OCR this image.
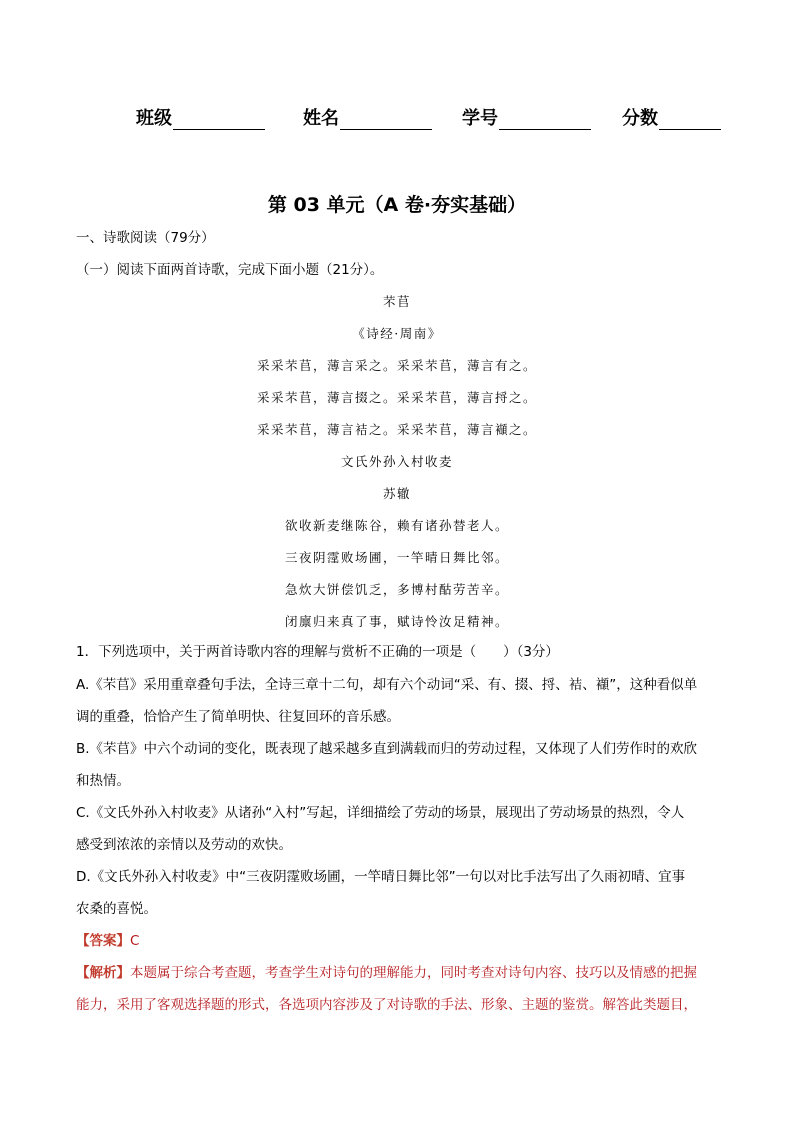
班级	姓名	学号	分数
第 03 单元（A 卷·夯实基础）
一、诗歌阅读（79分）
（一）阅读下面两首诗歌，完成下面小题（21分）。
芣苢
《诗经·周南》
采采芣苢，薄言采之。采采芣苢，薄言有之。
采采芣苢，薄言掇之。采采芣苢，薄言捋之。
采采芣苢，薄言袺之。采采芣苢，薄言襭之。
文氏外孙入村收麦
苏辙
欲收新麦继陈谷，赖有诸孙替老人。
三夜阴霪败场圃，一竿晴日舞比邻。
急炊大饼偿饥乏，多博村酤劳苦辛。
闭廪归来真了事，赋诗怜汝足精神。
1．下列选项中，关于两首诗歌内容的理解与赏析不正确的一项是（　　）（3分）
A.《芣苢》采用重章叠句手法，全诗三章十二句，却有六个动词“采、有、掇、捋、袺、襭”，这种看似单
调的重叠，恰恰产生了简单明快、往复回环的音乐感。
B.《芣苢》中六个动词的变化，既表现了越采越多直到满载而归的劳动过程，又体现了人们劳作时的欢欣
和热情。
C.《文氏外孙入村收麦》从诸孙“入村”写起，详细描绘了劳动的场景，展现出了劳动场景的热烈，令人
感受到浓浓的亲情以及劳动的欢快。
D.《文氏外孙入村收麦》中“三夜阴霪败场圃，一竿晴日舞比邻”一句以对比手法写出了久雨初晴、宜事
农桑的喜悦。
【答案】C
【解析】本题属于综合考查题，考查学生对诗句的理解能力，同时考查对诗句内容、技巧以及情感的把握
能力，采用了客观选择题的形式，各选项内容涉及了对诗歌的手法、形象、主题的鉴赏。解答此类题目，
